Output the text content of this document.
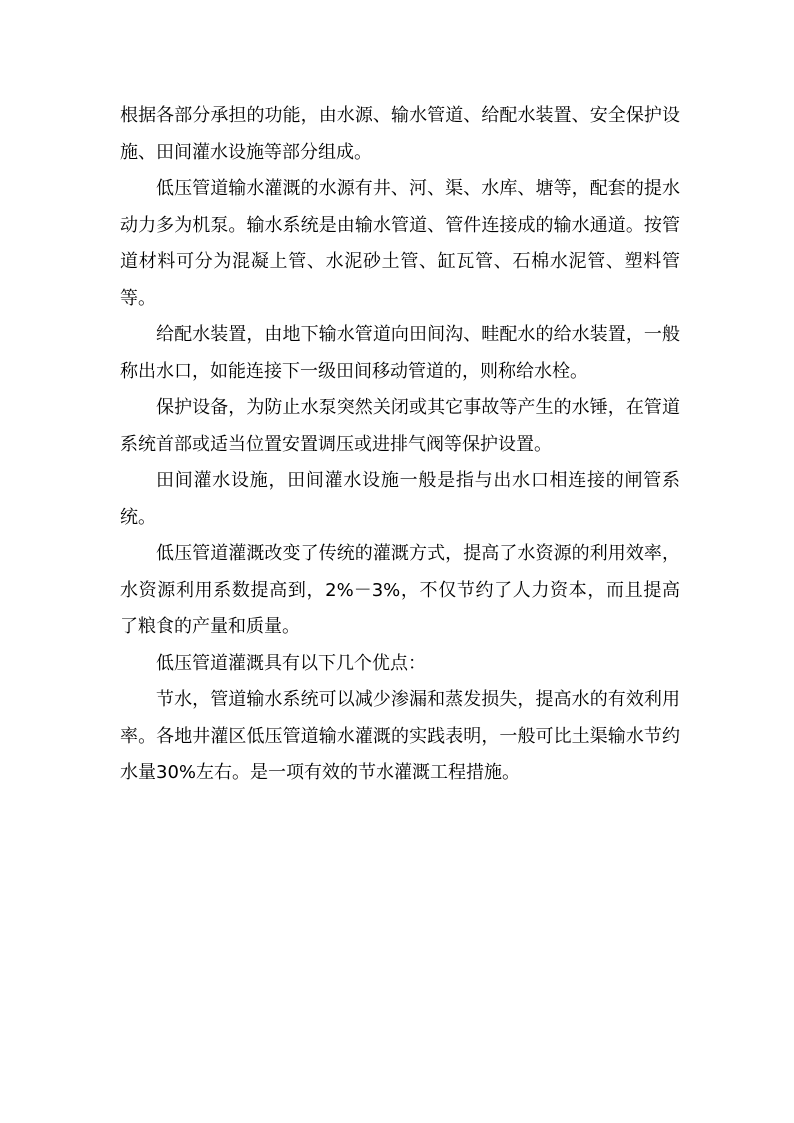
根据各部分承担的功能，由水源、输水管道、给配水装置、安全保护设施、田间灌水设施等部分组成。

低压管道输水灌溉的水源有井、河、渠、水库、塘等，配套的提水动力多为机泵。输水系统是由输水管道、管件连接成的输水通道。按管道材料可分为混凝上管、水泥砂土管、缸瓦管、石棉水泥管、塑料管等。

给配水装置，由地下输水管道向田间沟、畦配水的给水装置，一般称出水口，如能连接下一级田间移动管道的，则称给水栓。

保护设备，为防止水泵突然关闭或其它事故等产生的水锤，在管道系统首部或适当位置安置调压或进排气阀等保护设置。

田间灌水设施，田间灌水设施一般是指与出水口相连接的闸管系统。

低压管道灌溉改变了传统的灌溉方式，提高了水资源的利用效率，水资源利用系数提高到，2%－3%，不仅节约了人力资本，而且提高了粮食的产量和质量。

低压管道灌溉具有以下几个优点：

节水，管道输水系统可以减少渗漏和蒸发损失，提高水的有效利用率。各地井灌区低压管道输水灌溉的实践表明，一般可比土渠输水节约水量30%左右。是一项有效的节水灌溉工程措施。
